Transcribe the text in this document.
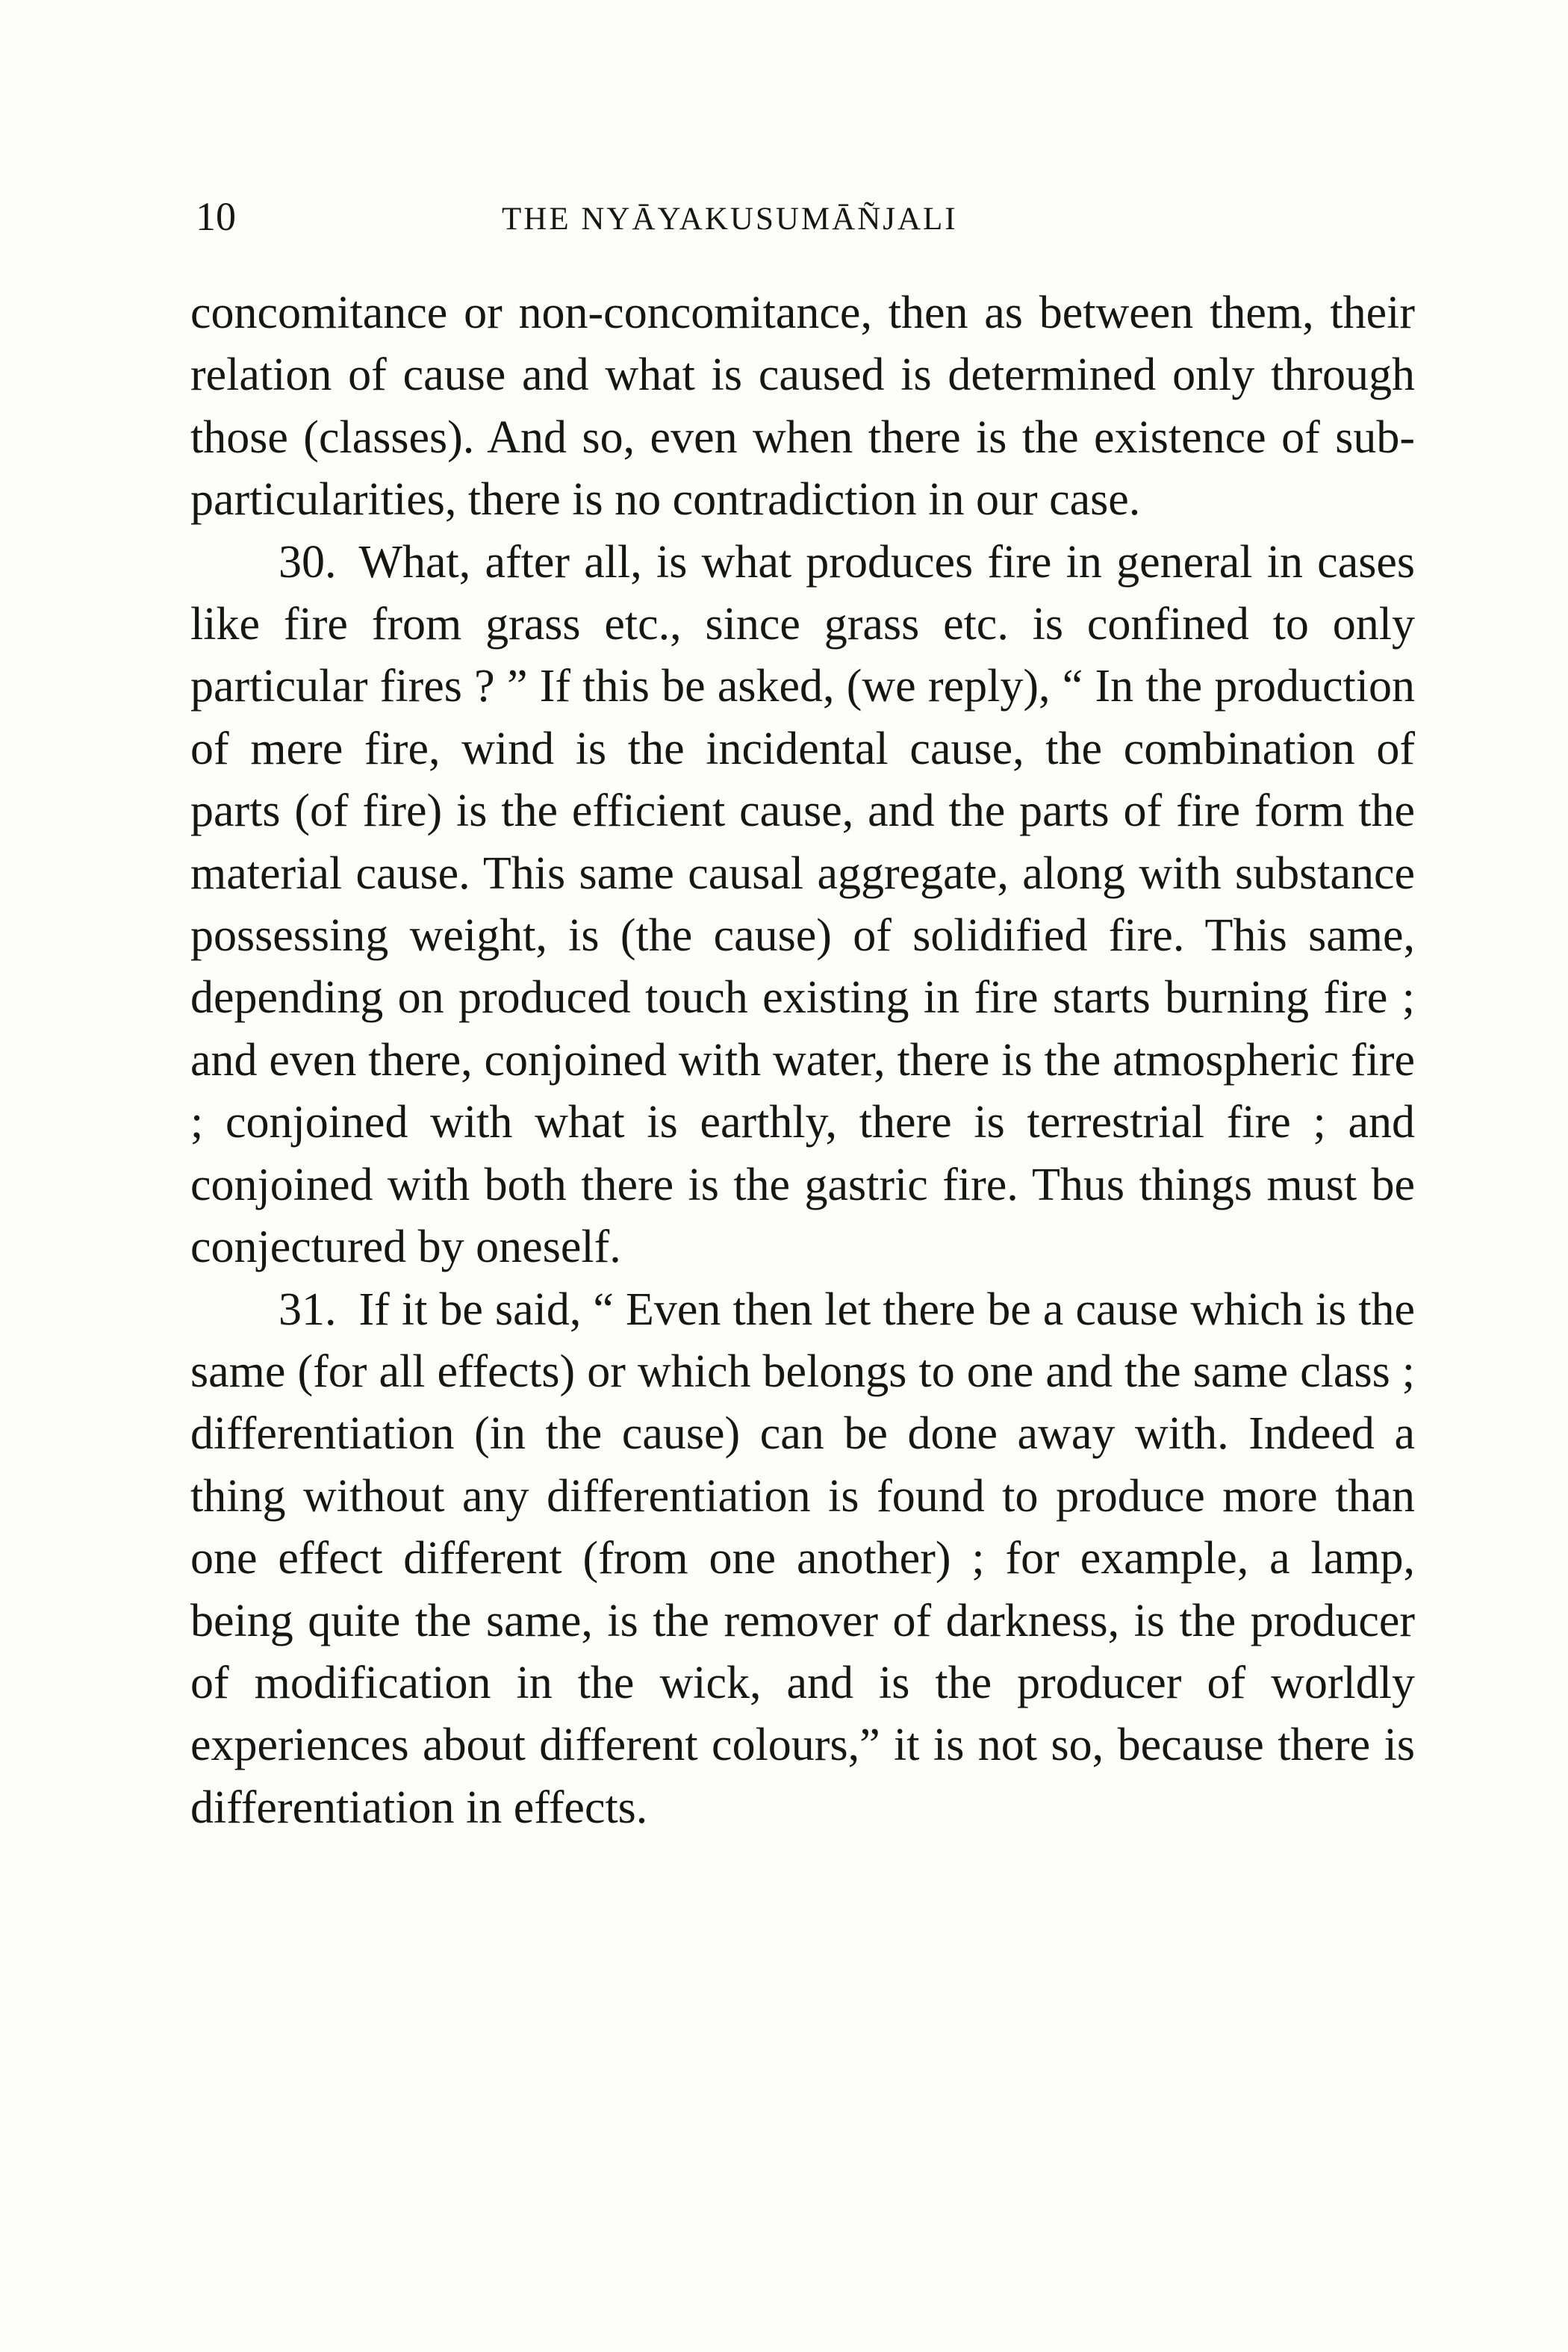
10	THE NYĀYAKUSUMĀÑJALI

concomitance or non-concomitance, then as between them, their relation of cause and what is caused is determined only through those (classes). And so, even when there is the existence of sub-particularities, there is no contradiction in our case.

30. What, after all, is what produces fire in general in cases like fire from grass etc., since grass etc. is confined to only particular fires ? ” If this be asked, (we reply), “ In the production of mere fire, wind is the incidental cause, the combination of parts (of fire) is the efficient cause, and the parts of fire form the material cause. This same causal aggregate, along with substance possessing weight, is (the cause) of solidified fire. This same, depending on produced touch existing in fire starts burning fire ; and even there, conjoined with water, there is the atmospheric fire ; conjoined with what is earthly, there is terrestrial fire ; and conjoined with both there is the gastric fire. Thus things must be conjectured by oneself.

31. If it be said, “ Even then let there be a cause which is the same (for all effects) or which belongs to one and the same class ; differentiation (in the cause) can be done away with. Indeed a thing without any differentiation is found to produce more than one effect different (from one another) ; for example, a lamp, being quite the same, is the remover of darkness, is the producer of modification in the wick, and is the producer of worldly experiences about different colours,” it is not so, because there is differentiation in effects.
